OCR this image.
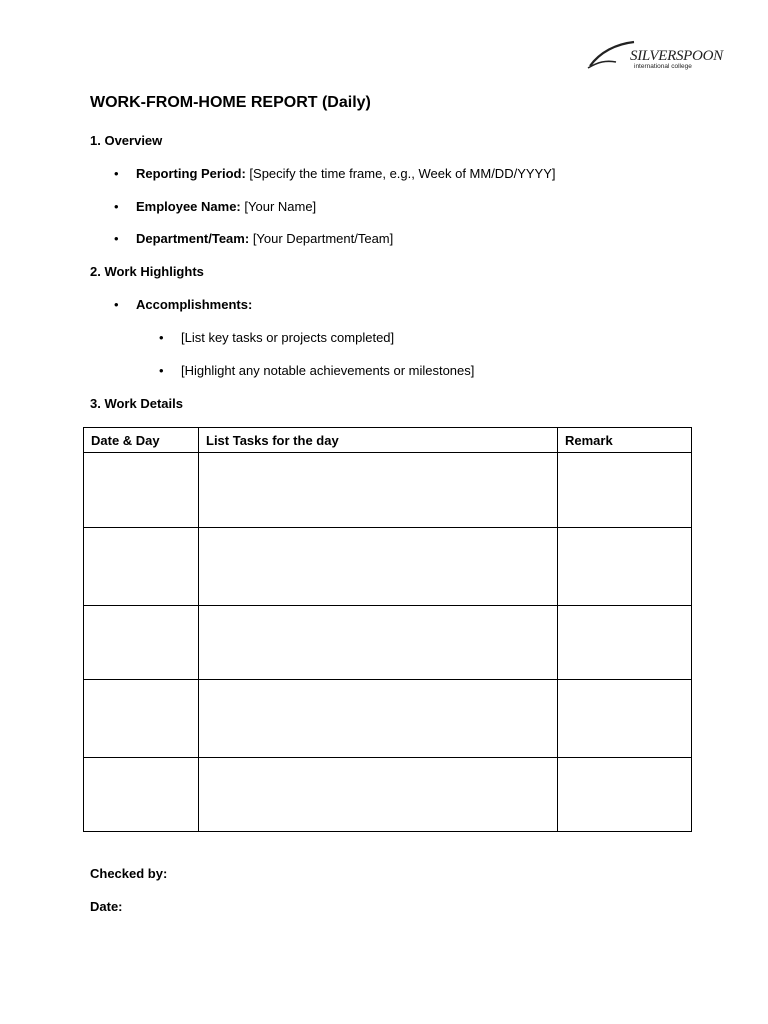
SILVERSPOON
international college
WORK-FROM-HOME REPORT (Daily)
1. Overview
• Reporting Period: [Specify the time frame, e.g., Week of MM/DD/YYYY]
• Employee Name: [Your Name]
• Department/Team: [Your Department/Team]
2. Work Highlights
• Accomplishments:
• [List key tasks or projects completed]
• [Highlight any notable achievements or milestones]
3. Work Details
Date & Day	List Tasks for the day	Remark

Checked by:

Date:
